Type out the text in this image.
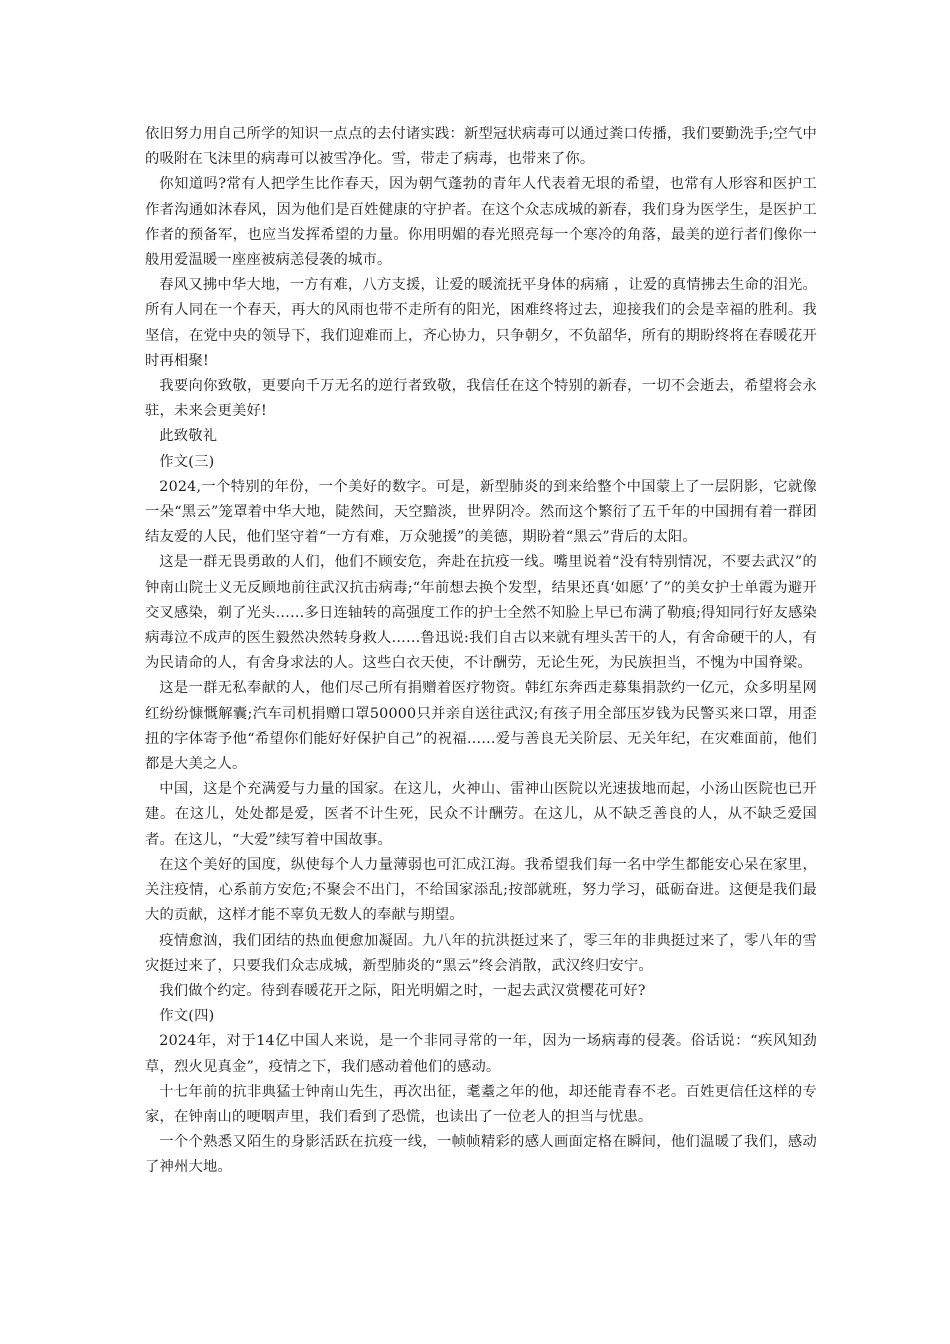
依旧努力用自己所学的知识一点点的去付诸实践：新型冠状病毒可以通过粪口传播，我们要勤洗手;空气中的吸附在飞沫里的病毒可以被雪净化。雪，带走了病毒，也带来了你。

你知道吗?常有人把学生比作春天，因为朝气蓬勃的青年人代表着无垠的希望，也常有人形容和医护工作者沟通如沐春风，因为他们是百姓健康的守护者。在这个众志成城的新春，我们身为医学生，是医护工作者的预备军，也应当发挥希望的力量。你用明媚的春光照亮每一个寒冷的角落，最美的逆行者们像你一般用爱温暖一座座被病恙侵袭的城市。

春风又拂中华大地，一方有难，八方支援，让爱的暖流抚平身体的病痛 ，让爱的真情拂去生命的泪光。所有人同在一个春天，再大的风雨也带不走所有的阳光，困难终将过去，迎接我们的会是幸福的胜利。我坚信，在党中央的领导下，我们迎难而上，齐心协力，只争朝夕，不负韶华，所有的期盼终将在春暖花开时再相聚!

我要向你致敬，更要向千万无名的逆行者致敬，我信任在这个特别的新春，一切不会逝去，希望将会永驻，未来会更美好!

此致敬礼

作文(三)

2024,一个特别的年份，一个美好的数字。可是，新型肺炎的到来给整个中国蒙上了一层阴影，它就像一朵“黑云”笼罩着中华大地，陡然间，天空黯淡，世界阴冷。然而这个繁衍了五千年的中国拥有着一群团结友爱的人民，他们坚守着“一方有难，万众驰援”的美德，期盼着“黑云”背后的太阳。

这是一群无畏勇敢的人们，他们不顾安危，奔赴在抗疫一线。嘴里说着“没有特别情况，不要去武汉”的钟南山院士义无反顾地前往武汉抗击病毒;“年前想去换个发型，结果还真‘如愿’了”的美女护士单霞为避开交叉感染，剃了光头……多日连轴转的高强度工作的护士全然不知脸上早已布满了勒痕;得知同行好友感染病毒泣不成声的医生毅然决然转身救人……鲁迅说:我们自古以来就有埋头苦干的人，有舍命硬干的人，有为民请命的人，有舍身求法的人。这些白衣天使，不计酬劳，无论生死，为民族担当，不愧为中国脊梁。

这是一群无私奉献的人，他们尽己所有捐赠着医疗物资。韩红东奔西走募集捐款约一亿元，众多明星网红纷纷慷慨解囊;汽车司机捐赠口罩50000只并亲自送往武汉;有孩子用全部压岁钱为民警买来口罩，用歪扭的字体寄予他“希望你们能好好保护自己”的祝福……爱与善良无关阶层、无关年纪，在灾难面前，他们都是大美之人。

中国，这是个充满爱与力量的国家。在这儿，火神山、雷神山医院以光速拔地而起，小汤山医院也已开建。在这儿，处处都是爱，医者不计生死，民众不计酬劳。在这儿，从不缺乏善良的人，从不缺乏爱国者。在这儿，“大爱”续写着中国故事。

在这个美好的国度，纵使每个人力量薄弱也可汇成江海。我希望我们每一名中学生都能安心呆在家里，关注疫情，心系前方安危;不聚会不出门，不给国家添乱;按部就班，努力学习，砥砺奋进。这便是我们最大的贡献，这样才能不辜负无数人的奉献与期望。

疫情愈汹，我们团结的热血便愈加凝固。九八年的抗洪挺过来了，零三年的非典挺过来了，零八年的雪灾挺过来了，只要我们众志成城，新型肺炎的“黑云”终会消散，武汉终归安宁。

我们做个约定。待到春暖花开之际，阳光明媚之时，一起去武汉赏樱花可好?

作文(四)

2024年，对于14亿中国人来说，是一个非同寻常的一年，因为一场病毒的侵袭。俗话说：“疾风知劲草，烈火见真金”，疫情之下，我们感动着他们的感动。

十七年前的抗非典猛士钟南山先生，再次出征，耄耋之年的他，却还能青春不老。百姓更信任这样的专家，在钟南山的哽咽声里，我们看到了恐慌，也读出了一位老人的担当与忧患。

一个个熟悉又陌生的身影活跃在抗疫一线，一帧帧精彩的感人画面定格在瞬间，他们温暖了我们，感动了神州大地。
